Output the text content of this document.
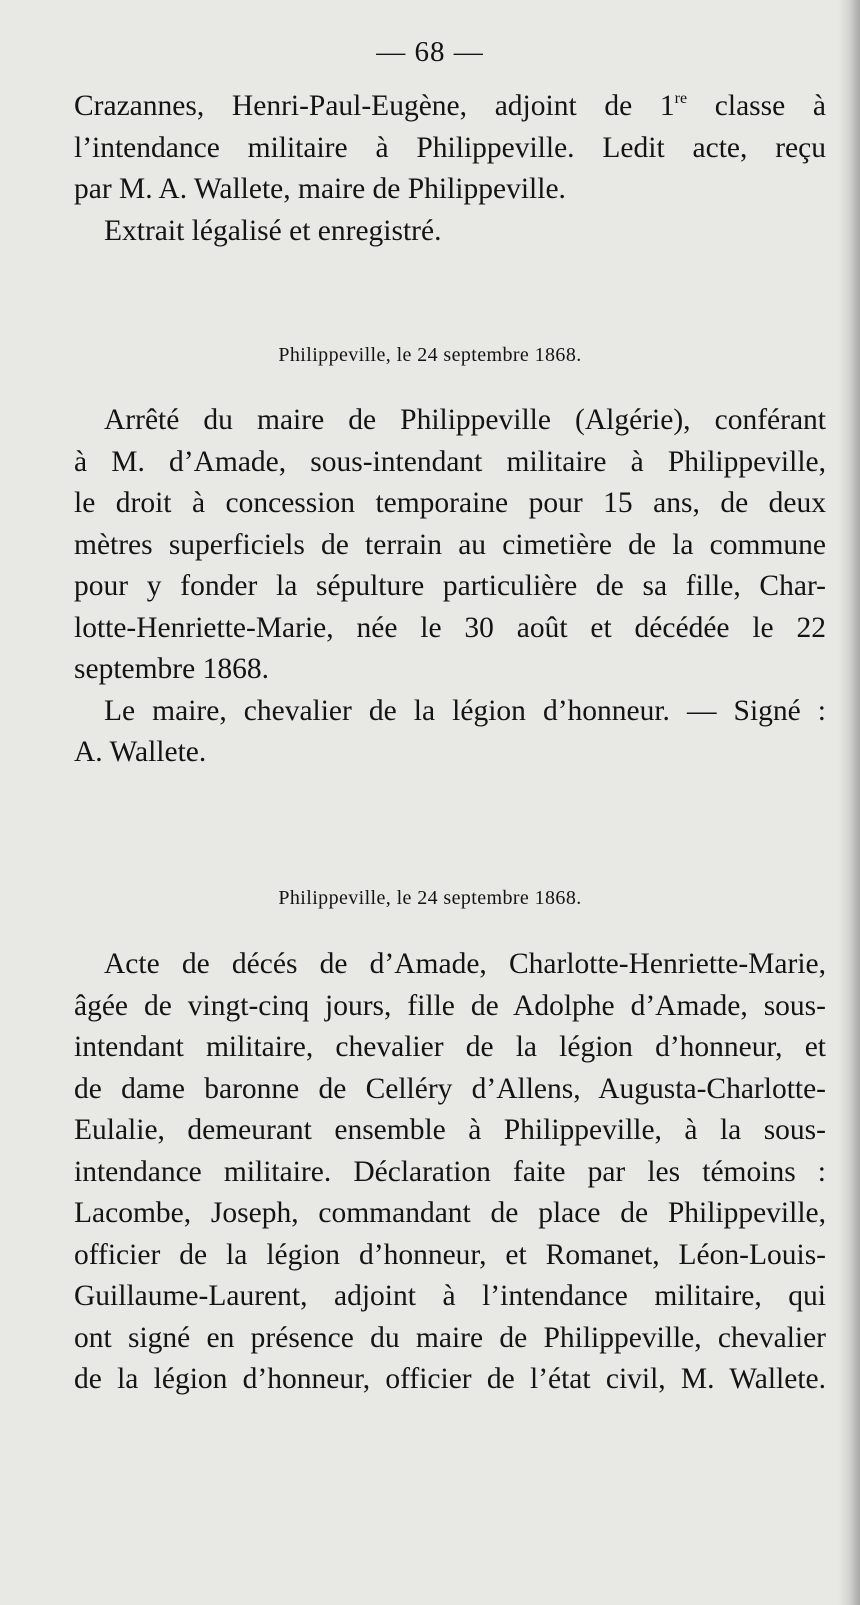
— 68 —
Crazannes, Henri-Paul-Eugène, adjoint de 1re classe à
l’intendance militaire à Philippeville. Ledit acte, reçu
par M. A. Wallete, maire de Philippeville.
Extrait légalisé et enregistré.
Philippeville, le 24 septembre 1868.
Arrêté du maire de Philippeville (Algérie), conférant
à M. d’Amade, sous-intendant militaire à Philippeville,
le droit à concession temporaine pour 15 ans, de deux
mètres superficiels de terrain au cimetière de la commune
pour y fonder la sépulture particulière de sa fille, Char-
lotte-Henriette-Marie, née le 30 août et décédée le 22
septembre 1868.
Le maire, chevalier de la légion d’honneur. — Signé :
A. Wallete.
Philippeville, le 24 septembre 1868.
Acte de décés de d’Amade, Charlotte-Henriette-Marie,
âgée de vingt-cinq jours, fille de Adolphe d’Amade, sous-
intendant militaire, chevalier de la légion d’honneur, et
de dame baronne de Celléry d’Allens, Augusta-Charlotte-
Eulalie, demeurant ensemble à Philippeville, à la sous-
intendance militaire. Déclaration faite par les témoins :
Lacombe, Joseph, commandant de place de Philippeville,
officier de la légion d’honneur, et Romanet, Léon-Louis-
Guillaume-Laurent, adjoint à l’intendance militaire, qui
ont signé en présence du maire de Philippeville, chevalier
de la légion d’honneur, officier de l’état civil, M. Wallete.
